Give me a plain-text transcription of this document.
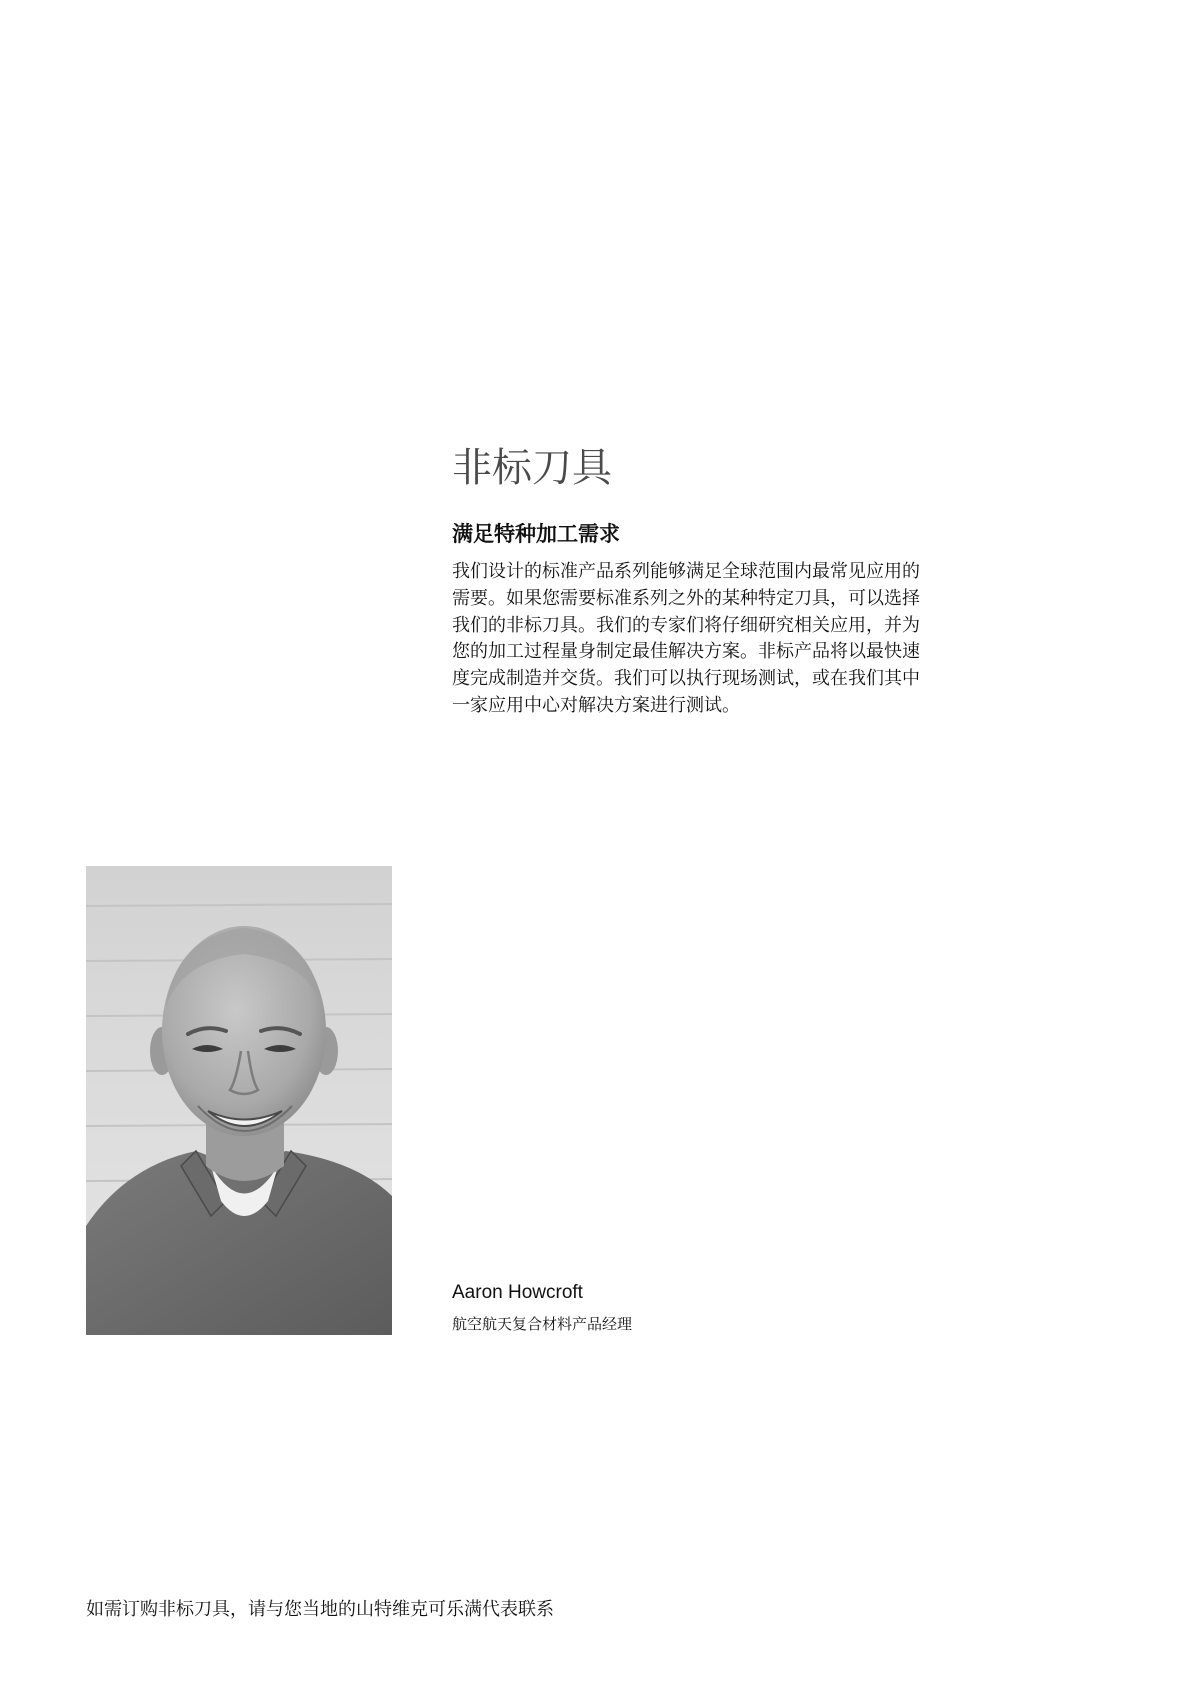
非标刀具
满足特种加工需求
我们设计的标准产品系列能够满足全球范围内最常见应用的
需要。如果您需要标准系列之外的某种特定刀具，可以选择
我们的非标刀具。我们的专家们将仔细研究相关应用，并为
您的加工过程量身制定最佳解决方案。非标产品将以最快速
度完成制造并交货。我们可以执行现场测试，或在我们其中
一家应用中心对解决方案进行测试。
Aaron Howcroft
航空航天复合材料产品经理
如需订购非标刀具，请与您当地的山特维克可乐满代表联系
